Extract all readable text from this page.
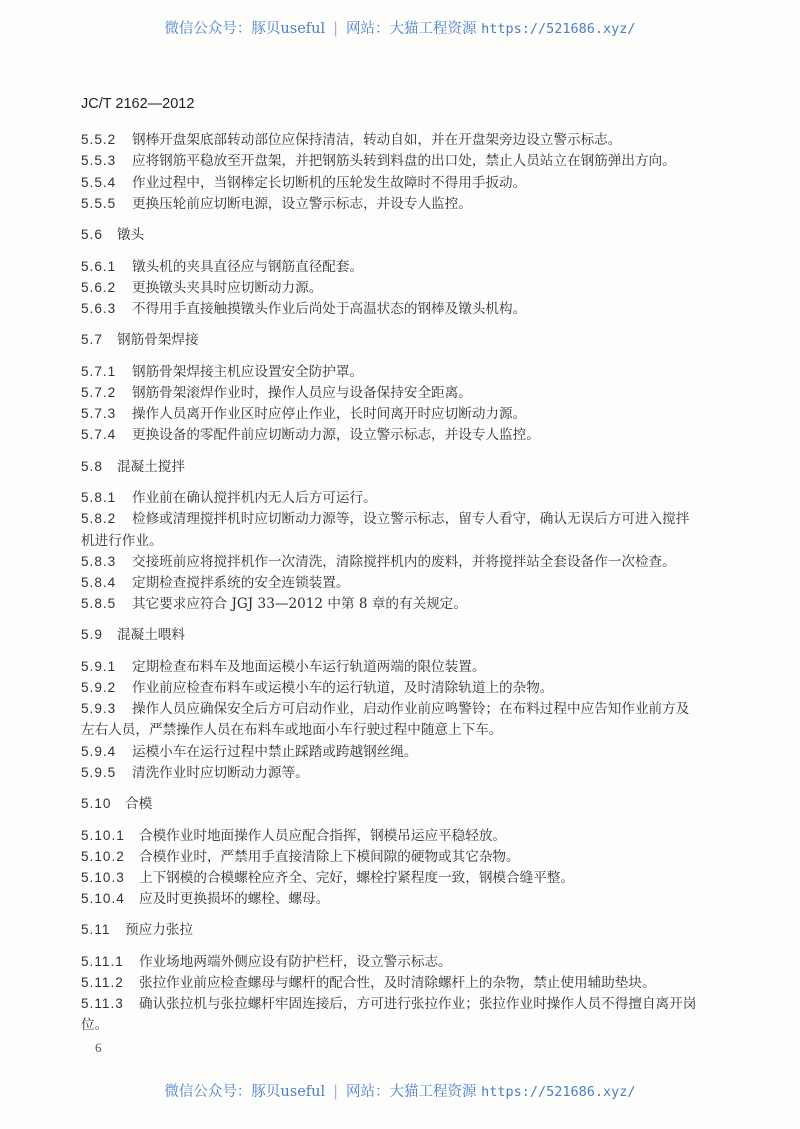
微信公众号：豚贝useful | 网站：大猫工程资源 https://521686.xyz/
JC/T 2162—2012
5.5.2 钢棒开盘架底部转动部位应保持清洁，转动自如，并在开盘架旁边设立警示标志。
5.5.3 应将钢筋平稳放至开盘架，并把钢筋头转到料盘的出口处，禁止人员站立在钢筋弹出方向。
5.5.4 作业过程中，当钢棒定长切断机的压轮发生故障时不得用手扳动。
5.5.5 更换压轮前应切断电源，设立警示标志，并设专人监控。
5.6 镦头
5.6.1 镦头机的夹具直径应与钢筋直径配套。
5.6.2 更换镦头夹具时应切断动力源。
5.6.3 不得用手直接触摸镦头作业后尚处于高温状态的钢棒及镦头机构。
5.7 钢筋骨架焊接
5.7.1 钢筋骨架焊接主机应设置安全防护罩。
5.7.2 钢筋骨架滚焊作业时，操作人员应与设备保持安全距离。
5.7.3 操作人员离开作业区时应停止作业，长时间离开时应切断动力源。
5.7.4 更换设备的零配件前应切断动力源，设立警示标志，并设专人监控。
5.8 混凝土搅拌
5.8.1 作业前在确认搅拌机内无人后方可运行。
5.8.2 检修或清理搅拌机时应切断动力源等，设立警示标志，留专人看守，确认无误后方可进入搅拌
机进行作业。
5.8.3 交接班前应将搅拌机作一次清洗，清除搅拌机内的废料，并将搅拌站全套设备作一次检查。
5.8.4 定期检查搅拌系统的安全连锁装置。
5.8.5 其它要求应符合 JGJ 33—2012 中第 8 章的有关规定。
5.9 混凝土喂料
5.9.1 定期检查布料车及地面运模小车运行轨道两端的限位装置。
5.9.2 作业前应检查布料车或运模小车的运行轨道，及时清除轨道上的杂物。
5.9.3 操作人员应确保安全后方可启动作业，启动作业前应鸣警铃；在布料过程中应告知作业前方及
左右人员，严禁操作人员在布料车或地面小车行驶过程中随意上下车。
5.9.4 运模小车在运行过程中禁止踩踏或跨越钢丝绳。
5.9.5 清洗作业时应切断动力源等。
5.10 合模
5.10.1 合模作业时地面操作人员应配合指挥，钢模吊运应平稳轻放。
5.10.2 合模作业时，严禁用手直接清除上下模间隙的硬物或其它杂物。
5.10.3 上下钢模的合模螺栓应齐全、完好，螺栓拧紧程度一致，钢模合缝平整。
5.10.4 应及时更换损坏的螺栓、螺母。
5.11 预应力张拉
5.11.1 作业场地两端外侧应设有防护栏杆，设立警示标志。
5.11.2 张拉作业前应检查螺母与螺杆的配合性，及时清除螺杆上的杂物，禁止使用辅助垫块。
5.11.3 确认张拉机与张拉螺杆牢固连接后，方可进行张拉作业；张拉作业时操作人员不得擅自离开岗
位。
6
微信公众号：豚贝useful | 网站：大猫工程资源 https://521686.xyz/
